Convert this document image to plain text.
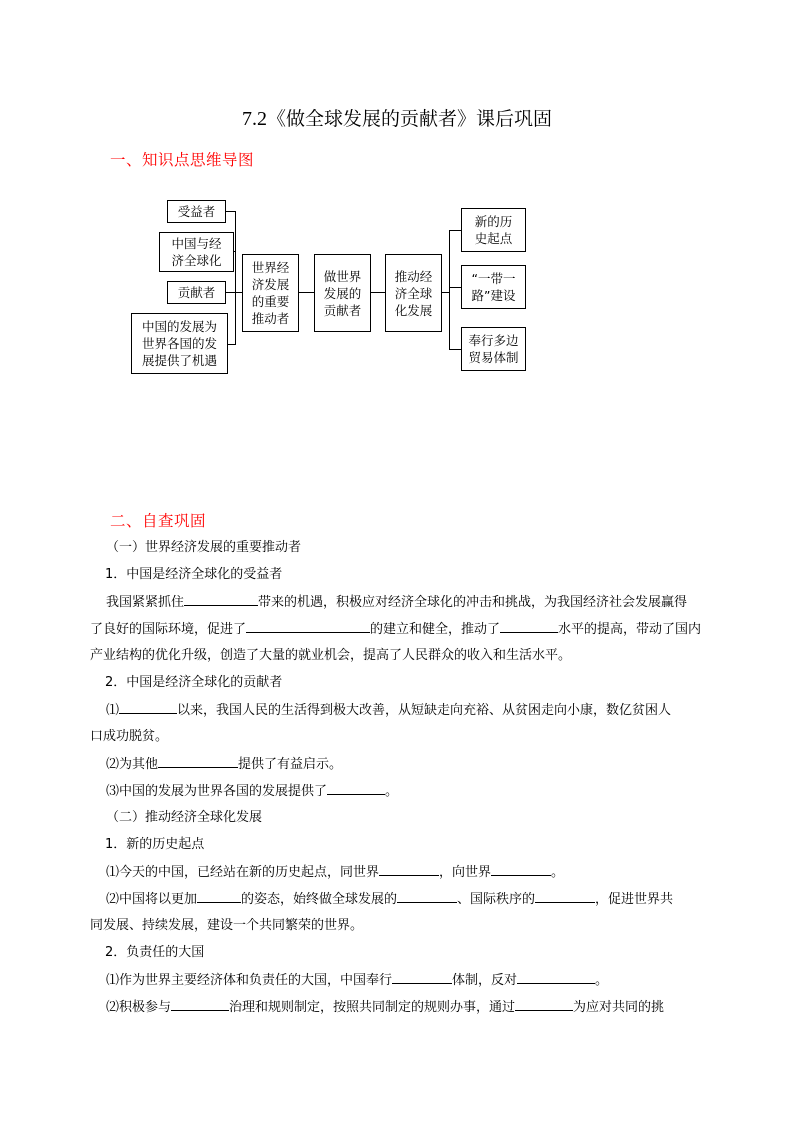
7.2《做全球发展的贡献者》课后巩固
一、知识点思维导图
受益者
中国与经
济全球化
贡献者
中国的发展为
世界各国的发
展提供了机遇
世界经
济发展
的重要
推动者
做世界
发展的
贡献者
推动经
济全球
化发展
新的历
史起点
“一带一
路”建设
奉行多边
贸易体制
二、自查巩固
（一）世界经济发展的重要推动者
1．中国是经济全球化的受益者
我国紧紧抓住	带来的机遇，积极应对经济全球化的冲击和挑战，为我国经济社会发展赢得
了良好的国际环境，促进了	的建立和健全，推动了	水平的提高，带动了国内
产业结构的优化升级，创造了大量的就业机会，提高了人民群众的收入和生活水平。
2．中国是经济全球化的贡献者
⑴	以来，我国人民的生活得到极大改善，从短缺走向充裕、从贫困走向小康，数亿贫困人
口成功脱贫。
⑵为其他	提供了有益启示。
⑶中国的发展为世界各国的发展提供了	。
（二）推动经济全球化发展
1．新的历史起点
⑴今天的中国，已经站在新的历史起点，同世界	，向世界	。
⑵中国将以更加	的姿态，始终做全球发展的	、国际秩序的	，促进世界共
同发展、持续发展，建设一个共同繁荣的世界。
2．负责任的大国
⑴作为世界主要经济体和负责任的大国，中国奉行	体制，反对	。
⑵积极参与	治理和规则制定，按照共同制定的规则办事，通过	为应对共同的挑
